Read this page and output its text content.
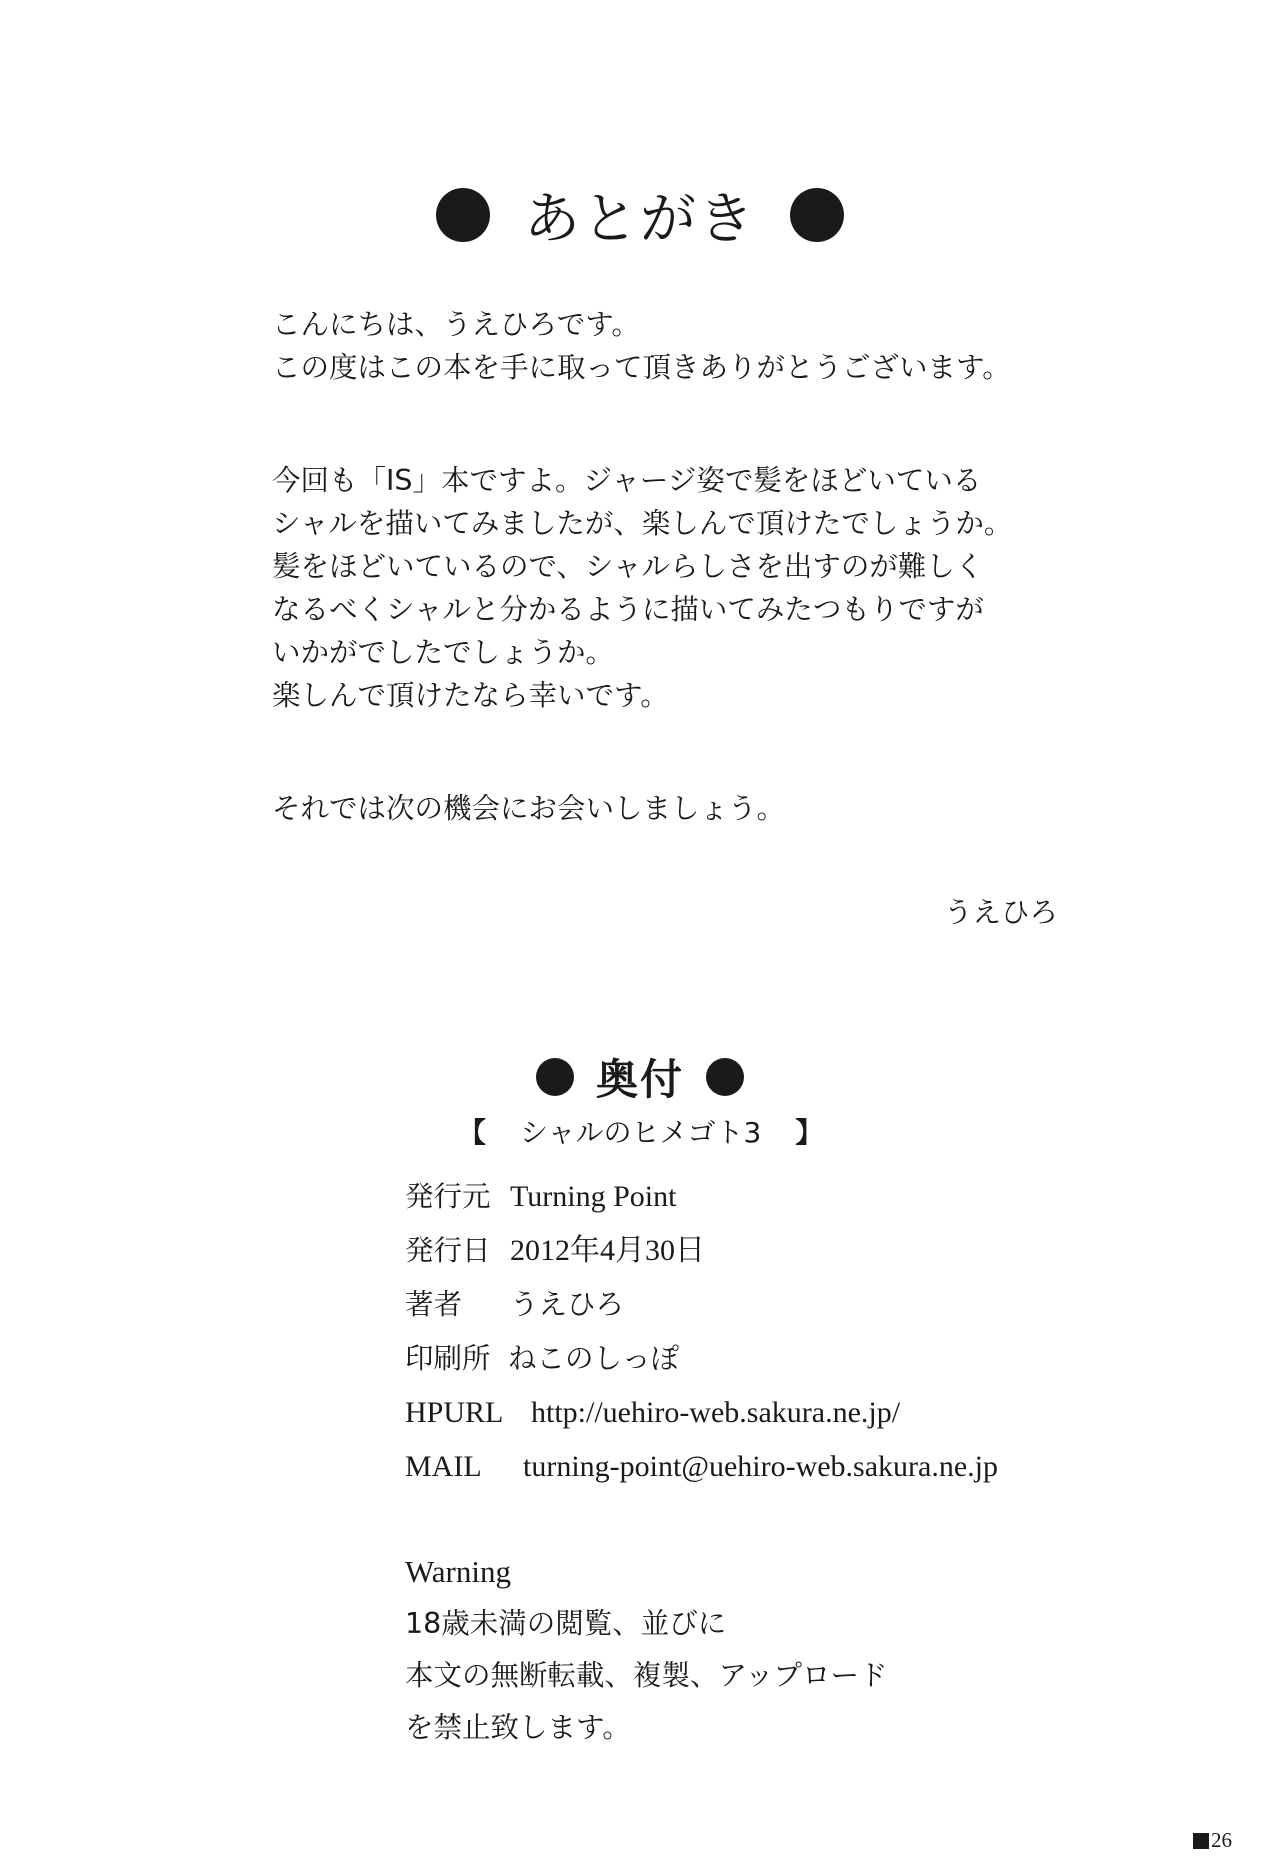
あとがき
こんにちは、うえひろです。
この度はこの本を手に取って頂きありがとうございます。
今回も「IS」本ですよ。ジャージ姿で髪をほどいている
シャルを描いてみましたが、楽しんで頂けたでしょうか。
髪をほどいているので、シャルらしさを出すのが難しく
なるべくシャルと分かるように描いてみたつもりですが
いかがでしたでしょうか。
楽しんで頂けたなら幸いです。
それでは次の機会にお会いしましょう。
うえひろ
奥付
【 シャルのヒメゴト3 】
発行元 Turning Point
発行日 2012年4月30日
著者	うえひろ
印刷所 ねこのしっぽ
HPURL http://uehiro-web.sakura.ne.jp/
MAIL	turning-point@uehiro-web.sakura.ne.jp
Warning
18歳未満の閲覧、並びに
本文の無断転載、複製、アップロード
を禁止致します。
26
